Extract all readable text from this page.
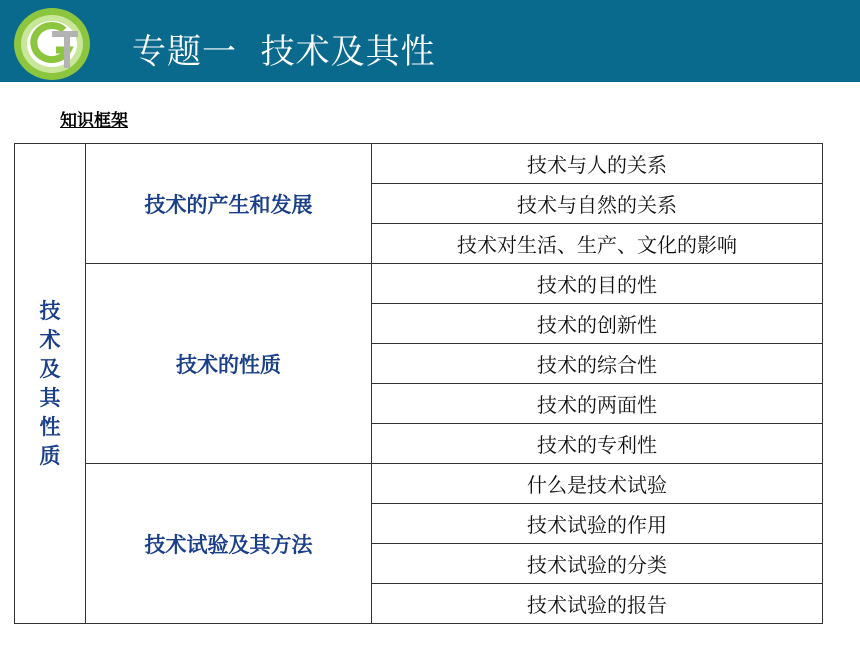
专题一  技术及其性
知识框架
技术及其性质	技术的产生和发展	技术与人的关系
		技术与自然的关系
		技术对生活、生产、文化的影响
	技术的性质	技术的目的性
		技术的创新性
		技术的综合性
		技术的两面性
		技术的专利性
	技术试验及其方法	什么是技术试验
		技术试验的作用
		技术试验的分类
		技术试验的报告
